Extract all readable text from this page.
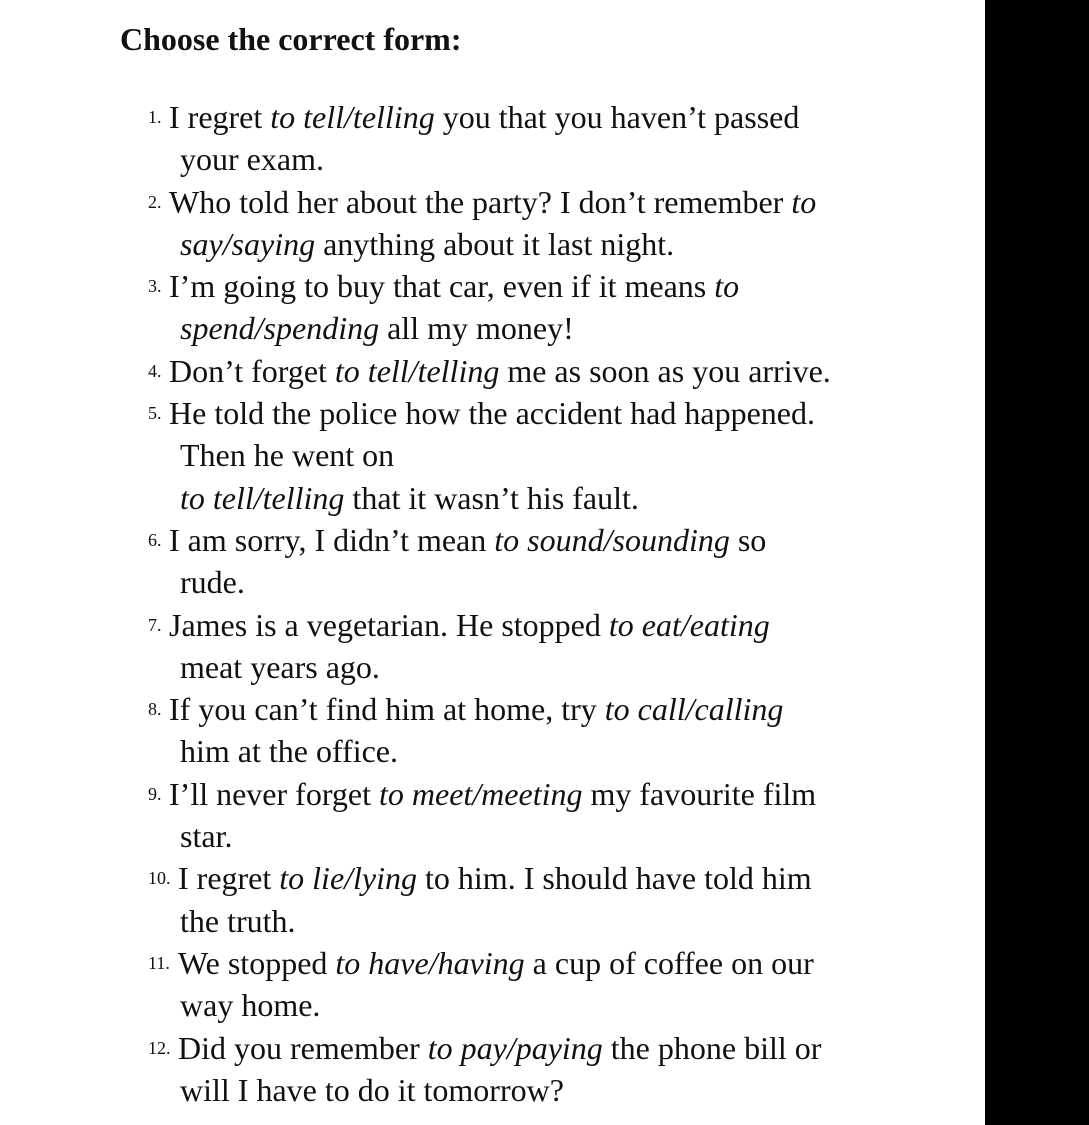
Choose the correct form:
1. I regret to tell/telling you that you haven’t passed
your exam.
2. Who told her about the party? I don’t remember to
say/saying anything about it last night.
3. I’m going to buy that car, even if it means to
spend/spending all my money!
4. Don’t forget to tell/telling me as soon as you arrive.
5. He told the police how the accident had happened.
Then he went on
to tell/telling that it wasn’t his fault.
6. I am sorry, I didn’t mean to sound/sounding so
rude.
7. James is a vegetarian. He stopped to eat/eating
meat years ago.
8. If you can’t find him at home, try to call/calling
him at the office.
9. I’ll never forget to meet/meeting my favourite film
star.
10. I regret to lie/lying to him. I should have told him
the truth.
11. We stopped to have/having a cup of coffee on our
way home.
12. Did you remember to pay/paying the phone bill or
will I have to do it tomorrow?
